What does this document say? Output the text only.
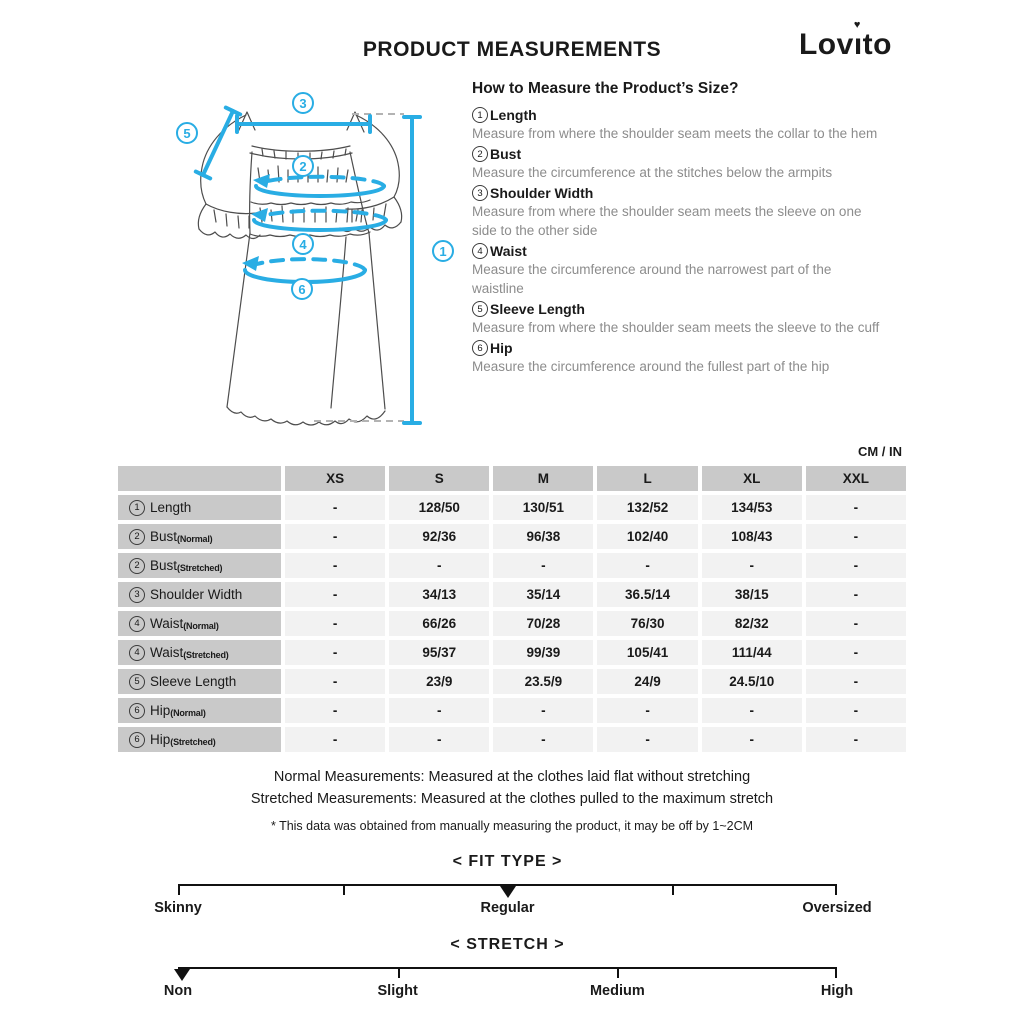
PRODUCT MEASUREMENTS	Lovı
♥
to
3
5
2
4
6
1
How to Measure the Product’s Size?
1 Length
Measure from where the shoulder seam meets the collar to the hem
2 Bust
Measure the circumference at the stitches below the armpits
3 Shoulder Width
Measure from where the shoulder seam meets the sleeve on one side to the other side
4 Waist
Measure the circumference around the narrowest part of the waistline
5 Sleeve Length
Measure from where the shoulder seam meets the sleeve to the cuff
6 Hip
Measure the circumference around the fullest part of the hip
CM / IN
XS	S	M	L	XL	XXL
1 Length	-	128/50	130/51	132/52	134/53	-
2 Bust (Normal)	-	92/36	96/38	102/40	108/43	-
2 Bust (Stretched)	-	-	-	-	-	-
3 Shoulder Width	-	34/13	35/14	36.5/14	38/15	-
4 Waist (Normal)	-	66/26	70/28	76/30	82/32	-
4 Waist (Stretched)	-	95/37	99/39	105/41	111/44	-
5 Sleeve Length	-	23/9	23.5/9	24/9	24.5/10	-
6 Hip (Normal)	-	-	-	-	-	-
6 Hip (Stretched)	-	-	-	-	-	-
Normal Measurements: Measured at the clothes laid flat without stretching
Stretched Measurements: Measured at the clothes pulled to the maximum stretch
* This data was obtained from manually measuring the product, it may be off by 1~2CM
< FIT TYPE >
Skinny	Regular	Oversized
< STRETCH >
Non	Slight	Medium	High
